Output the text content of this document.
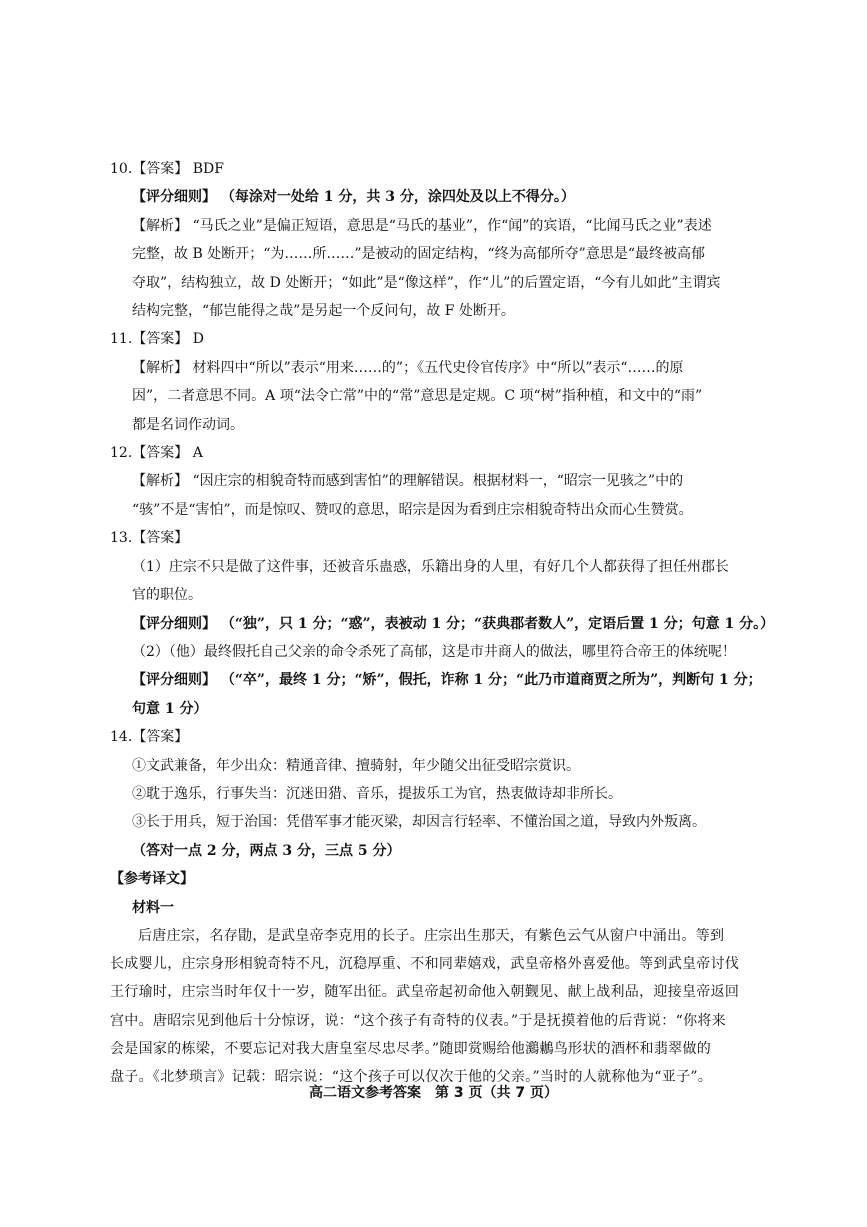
10.【答案】 BDF
【评分细则】 （每涂对一处给 1 分，共 3 分，涂四处及以上不得分。）
【解析】 “马氏之业”是偏正短语，意思是“马氏的基业”，作“闻”的宾语，“比闻马氏之业”表述
完整，故 B 处断开；“为……所……”是被动的固定结构，“终为高郁所夺”意思是“最终被高郁
夺取”，结构独立，故 D 处断开；“如此”是“像这样”，作“儿”的后置定语，“今有儿如此”主谓宾
结构完整，“郁岂能得之哉”是另起一个反问句，故 F 处断开。
11.【答案】 D
【解析】 材料四中“所以”表示“用来……的”；《五代史伶官传序》中“所以”表示“……的原
因”，二者意思不同。A 项“法令亡常”中的“常”意思是定规。C 项“树”指种植，和文中的“雨”
都是名词作动词。
12.【答案】 A
【解析】 “因庄宗的相貌奇特而感到害怕”的理解错误。根据材料一，“昭宗一见骇之”中的
“骇”不是“害怕”，而是惊叹、赞叹的意思，昭宗是因为看到庄宗相貌奇特出众而心生赞赏。
13.【答案】
（1）庄宗不只是做了这件事，还被音乐蛊惑，乐籍出身的人里，有好几个人都获得了担任州郡长
官的职位。
【评分细则】 （“独”，只 1 分；“惑”，表被动 1 分；“获典郡者数人”，定语后置 1 分；句意 1 分。）
（2）（他）最终假托自己父亲的命令杀死了高郁，这是市井商人的做法，哪里符合帝王的体统呢！
【评分细则】 （“卒”，最终 1 分；“矫”，假托，诈称 1 分；“此乃市道商贾之所为”，判断句 1 分；
句意 1 分）
14.【答案】
①文武兼备，年少出众：精通音律、擅骑射，年少随父出征受昭宗赏识。
②耽于逸乐，行事失当：沉迷田猎、音乐，提拔乐工为官，热衷做诗却非所长。
③长于用兵，短于治国：凭借军事才能灭梁，却因言行轻率、不懂治国之道，导致内外叛离。
（答对一点 2 分，两点 3 分，三点 5 分）
【参考译文】
材料一
后唐庄宗，名存勖，是武皇帝李克用的长子。庄宗出生那天，有紫色云气从窗户中涌出。等到
长成婴儿，庄宗身形相貌奇特不凡，沉稳厚重、不和同辈嬉戏，武皇帝格外喜爱他。等到武皇帝讨伐
王行瑜时，庄宗当时年仅十一岁，随军出征。武皇帝起初命他入朝觐见、献上战利品，迎接皇帝返回
宫中。唐昭宗见到他后十分惊讶，说：“这个孩子有奇特的仪表。”于是抚摸着他的后背说：“你将来
会是国家的栋梁，不要忘记对我大唐皇室尽忠尽孝。”随即赏赐给他鸂鶒鸟形状的酒杯和翡翠做的
盘子。《北梦琐言》记载：昭宗说：“这个孩子可以仅次于他的父亲。”当时的人就称他为“亚子”。
高二语文参考答案　第 3 页（共 7 页）
